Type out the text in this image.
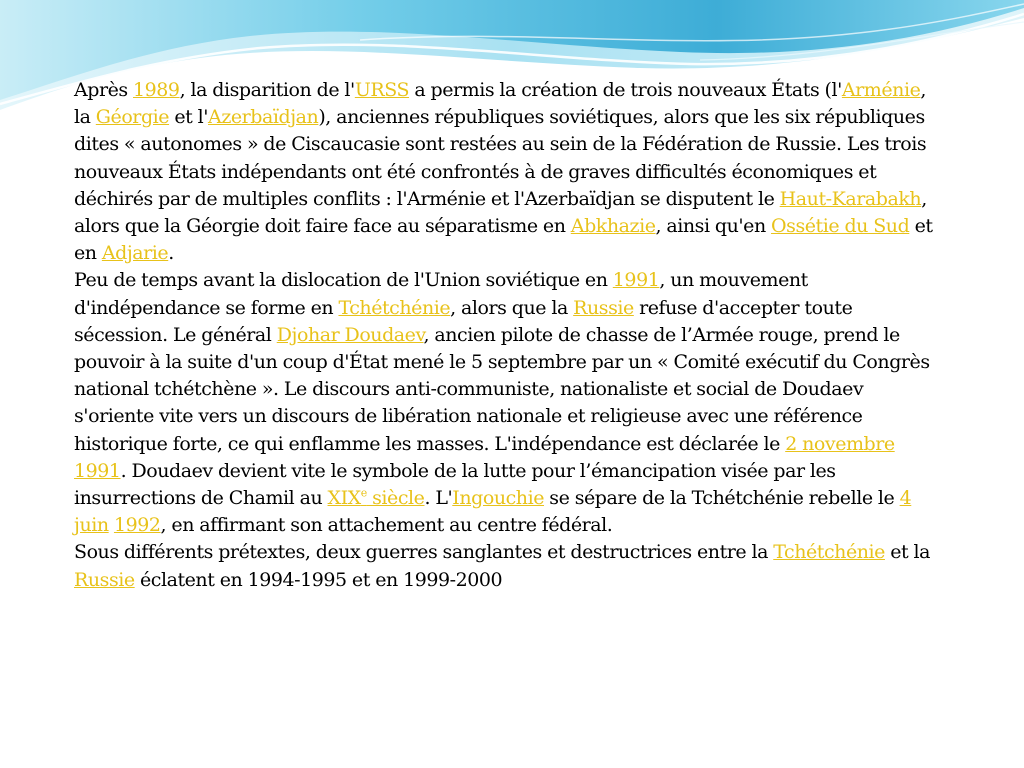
Après 1989, la disparition de l'URSS a permis la création de trois nouveaux États (l'Arménie, la Géorgie et l'Azerbaïdjan), anciennes républiques soviétiques, alors que les six républiques dites « autonomes » de Ciscaucasie sont restées au sein de la Fédération de Russie. Les trois nouveaux États indépendants ont été confrontés à de graves difficultés économiques et déchirés par de multiples conflits : l'Arménie et l'Azerbaïdjan se disputent le Haut-Karabakh, alors que la Géorgie doit faire face au séparatisme en Abkhazie, ainsi qu'en Ossétie du Sud et en Adjarie.

Peu de temps avant la dislocation de l'Union soviétique en 1991, un mouvement d'indépendance se forme en Tchétchénie, alors que la Russie refuse d'accepter toute sécession. Le général Djohar Doudaev, ancien pilote de chasse de l’Armée rouge, prend le pouvoir à la suite d'un coup d'État mené le 5 septembre par un « Comité exécutif du Congrès national tchétchène ». Le discours anti-communiste, nationaliste et social de Doudaev s'oriente vite vers un discours de libération nationale et religieuse avec une référence historique forte, ce qui enflamme les masses. L'indépendance est déclarée le 2 novembre 1991. Doudaev devient vite le symbole de la lutte pour l’émancipation visée par les insurrections de Chamil au XIXe siècle. L'Ingouchie se sépare de la Tchétchénie rebelle le 4 juin 1992, en affirmant son attachement au centre fédéral.

Sous différents prétextes, deux guerres sanglantes et destructrices entre la Tchétchénie et la Russie éclatent en 1994-1995 et en 1999-2000
